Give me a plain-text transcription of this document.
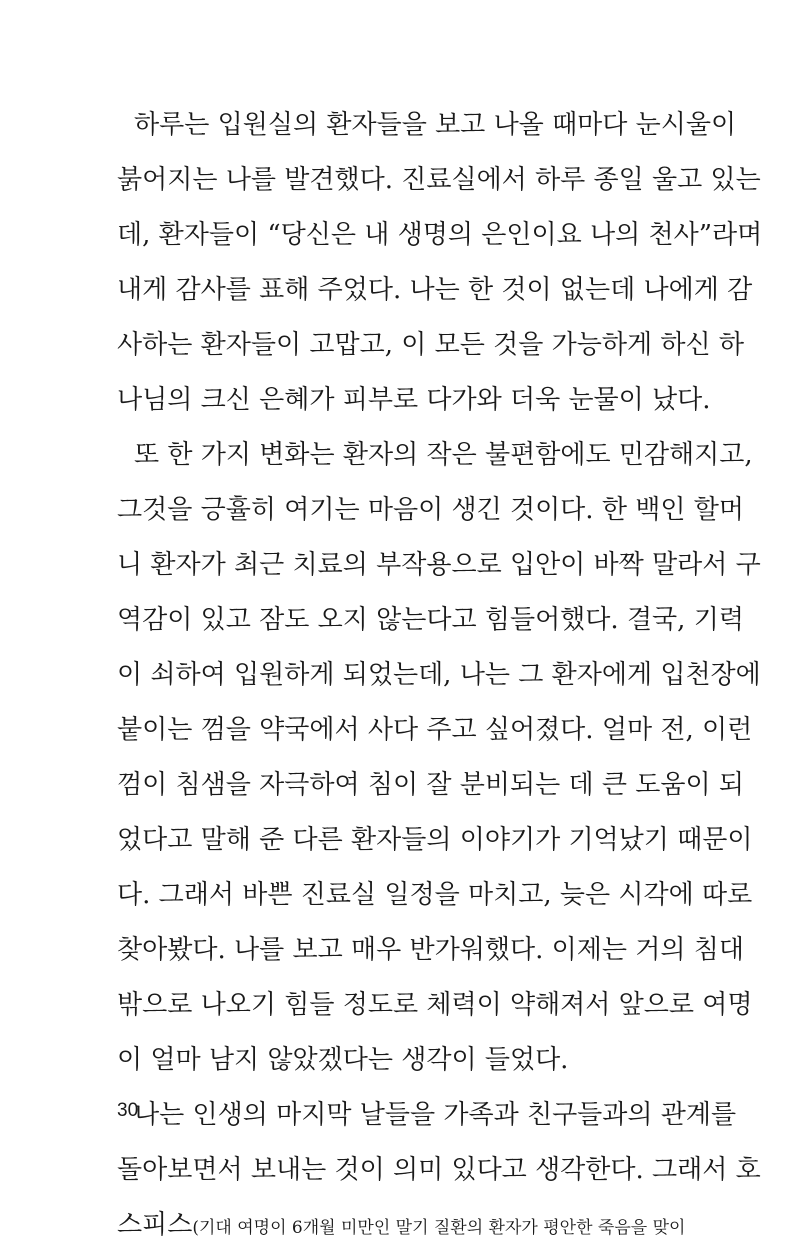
하루는 입원실의 환자들을 보고 나올 때마다 눈시울이
붉어지는 나를 발견했다. 진료실에서 하루 종일 울고 있는
데, 환자들이 “당신은 내 생명의 은인이요 나의 천사”라며
내게 감사를 표해 주었다. 나는 한 것이 없는데 나에게 감
사하는 환자들이 고맙고, 이 모든 것을 가능하게 하신 하
나님의 크신 은혜가 피부로 다가와 더욱 눈물이 났다.
또 한 가지 변화는 환자의 작은 불편함에도 민감해지고,
그것을 긍휼히 여기는 마음이 생긴 것이다. 한 백인 할머
니 환자가 최근 치료의 부작용으로 입안이 바짝 말라서 구
역감이 있고 잠도 오지 않는다고 힘들어했다. 결국, 기력
이 쇠하여 입원하게 되었는데, 나는 그 환자에게 입천장에
붙이는 껌을 약국에서 사다 주고 싶어졌다. 얼마 전, 이런
껌이 침샘을 자극하여 침이 잘 분비되는 데 큰 도움이 되
었다고 말해 준 다른 환자들의 이야기가 기억났기 때문이
다. 그래서 바쁜 진료실 일정을 마치고, 늦은 시각에 따로
찾아봤다. 나를 보고 매우 반가워했다. 이제는 거의 침대
밖으로 나오기 힘들 정도로 체력이 약해져서 앞으로 여명
이 얼마 남지 않았겠다는 생각이 들었다.
나는 인생의 마지막 날들을 가족과 친구들과의 관계를
돌아보면서 보내는 것이 의미 있다고 생각한다. 그래서 호
스피스(기대 여명이 6개월 미만인 말기 질환의 환자가 평안한 죽음을 맞이
30
